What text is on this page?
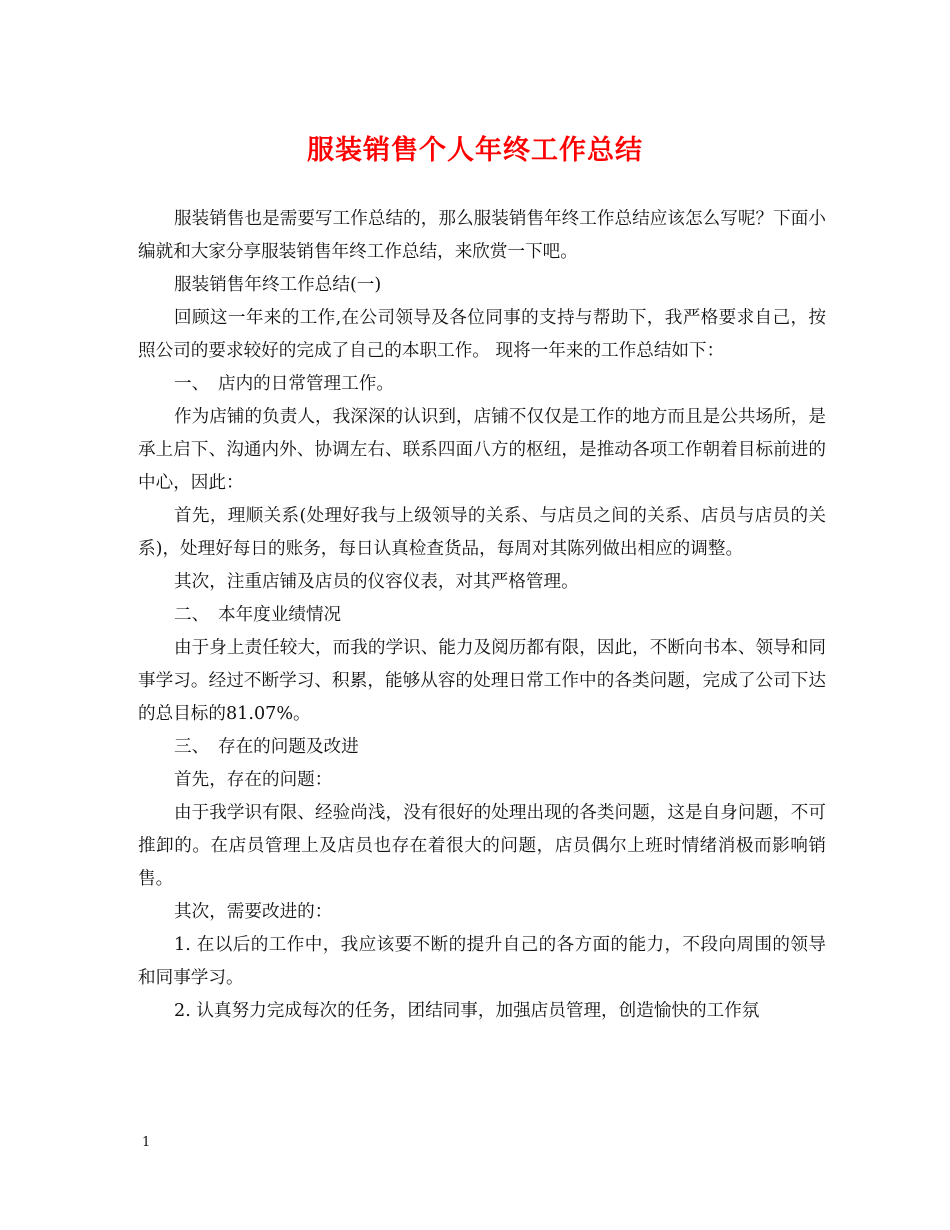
服装销售个人年终工作总结

服装销售也是需要写工作总结的，那么服装销售年终工作总结应该怎么写呢？下面小编就和大家分享服装销售年终工作总结，来欣赏一下吧。

服装销售年终工作总结(一)

回顾这一年来的工作,在公司领导及各位同事的支持与帮助下，我严格要求自己，按照公司的要求较好的完成了自己的本职工作。 现将一年来的工作总结如下：

一、　店内的日常管理工作。

作为店铺的负责人，我深深的认识到，店铺不仅仅是工作的地方而且是公共场所，是承上启下、沟通内外、协调左右、联系四面八方的枢纽，是推动各项工作朝着目标前进的中心，因此：

首先，理顺关系(处理好我与上级领导的关系、与店员之间的关系、店员与店员的关系)，处理好每日的账务，每日认真检查货品，每周对其陈列做出相应的调整。

其次，注重店铺及店员的仪容仪表，对其严格管理。

二、　本年度业绩情况

由于身上责任较大，而我的学识、能力及阅历都有限，因此，不断向书本、领导和同事学习。经过不断学习、积累，能够从容的处理日常工作中的各类问题，完成了公司下达的总目标的81.07%。

三、　存在的问题及改进

首先，存在的问题：

由于我学识有限、经验尚浅，没有很好的处理出现的各类问题，这是自身问题，不可推卸的。在店员管理上及店员也存在着很大的问题，店员偶尔上班时情绪消极而影响销售。

其次，需要改进的：

1. 在以后的工作中，我应该要不断的提升自己的各方面的能力，不段向周围的领导和同事学习。

2. 认真努力完成每次的任务，团结同事，加强店员管理，创造愉快的工作氛

1
